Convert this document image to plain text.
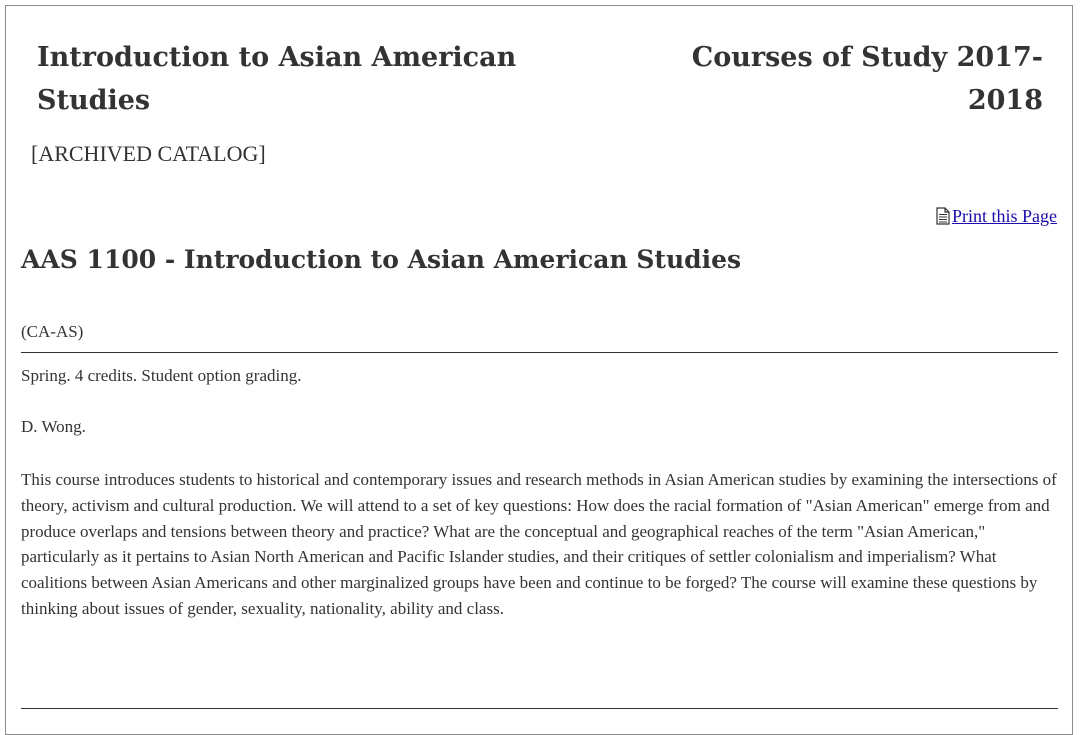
Introduction to Asian American Studies
Courses of Study 2017-2018
[ARCHIVED CATALOG]
Print this Page
AAS 1100 - Introduction to Asian American Studies
(CA-AS)
Spring. 4 credits. Student option grading.
D. Wong.
This course introduces students to historical and contemporary issues and research methods in Asian American studies by examining the intersections of theory, activism and cultural production. We will attend to a set of key questions: How does the racial formation of "Asian American" emerge from and produce overlaps and tensions between theory and practice? What are the conceptual and geographical reaches of the term "Asian American," particularly as it pertains to Asian North American and Pacific Islander studies, and their critiques of settler colonialism and imperialism? What coalitions between Asian Americans and other marginalized groups have been and continue to be forged? The course will examine these questions by thinking about issues of gender, sexuality, nationality, ability and class.
